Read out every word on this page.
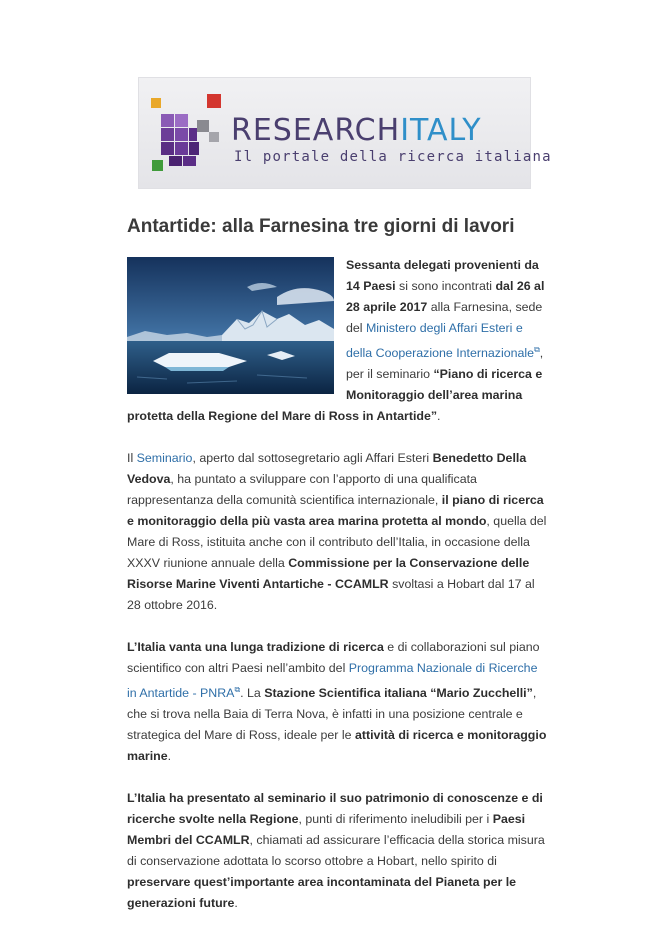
RESEARCHITALY
Il portale della ricerca italiana
Antartide: alla Farnesina tre giorni di lavori

Sessanta delegati provenienti da 14 Paesi si sono incontrati dal 26 al 28 aprile 2017 alla Farnesina, sede del Ministero degli Affari Esteri e della Cooperazione Internazionale⧉, per il seminario “Piano di ricerca e Monitoraggio dell’area marina protetta della Regione del Mare di Ross in Antartide”.

Il Seminario, aperto dal sottosegretario agli Affari Esteri Benedetto Della Vedova, ha puntato a sviluppare con l’apporto di una qualificata rappresentanza della comunità scientifica internazionale, il piano di ricerca e monitoraggio della più vasta area marina protetta al mondo, quella del Mare di Ross, istituita anche con il contributo dell’Italia, in occasione della XXXV riunione annuale della Commissione per la Conservazione delle Risorse Marine Viventi Antartiche - CCAMLR svoltasi a Hobart dal 17 al 28 ottobre 2016.

L’Italia vanta una lunga tradizione di ricerca e di collaborazioni sul piano scientifico con altri Paesi nell’ambito del Programma Nazionale di Ricerche in Antartide - PNRA⧉. La Stazione Scientifica italiana “Mario Zucchelli”, che si trova nella Baia di Terra Nova, è infatti in una posizione centrale e strategica del Mare di Ross, ideale per le attività di ricerca e monitoraggio marine.

L’Italia ha presentato al seminario il suo patrimonio di conoscenze e di ricerche svolte nella Regione, punti di riferimento ineludibili per i Paesi Membri del CCAMLR, chiamati ad assicurare l’efficacia della storica misura di conservazione adottata lo scorso ottobre a Hobart, nello spirito di preservare quest’importante area incontaminata del Pianeta per le generazioni future.
